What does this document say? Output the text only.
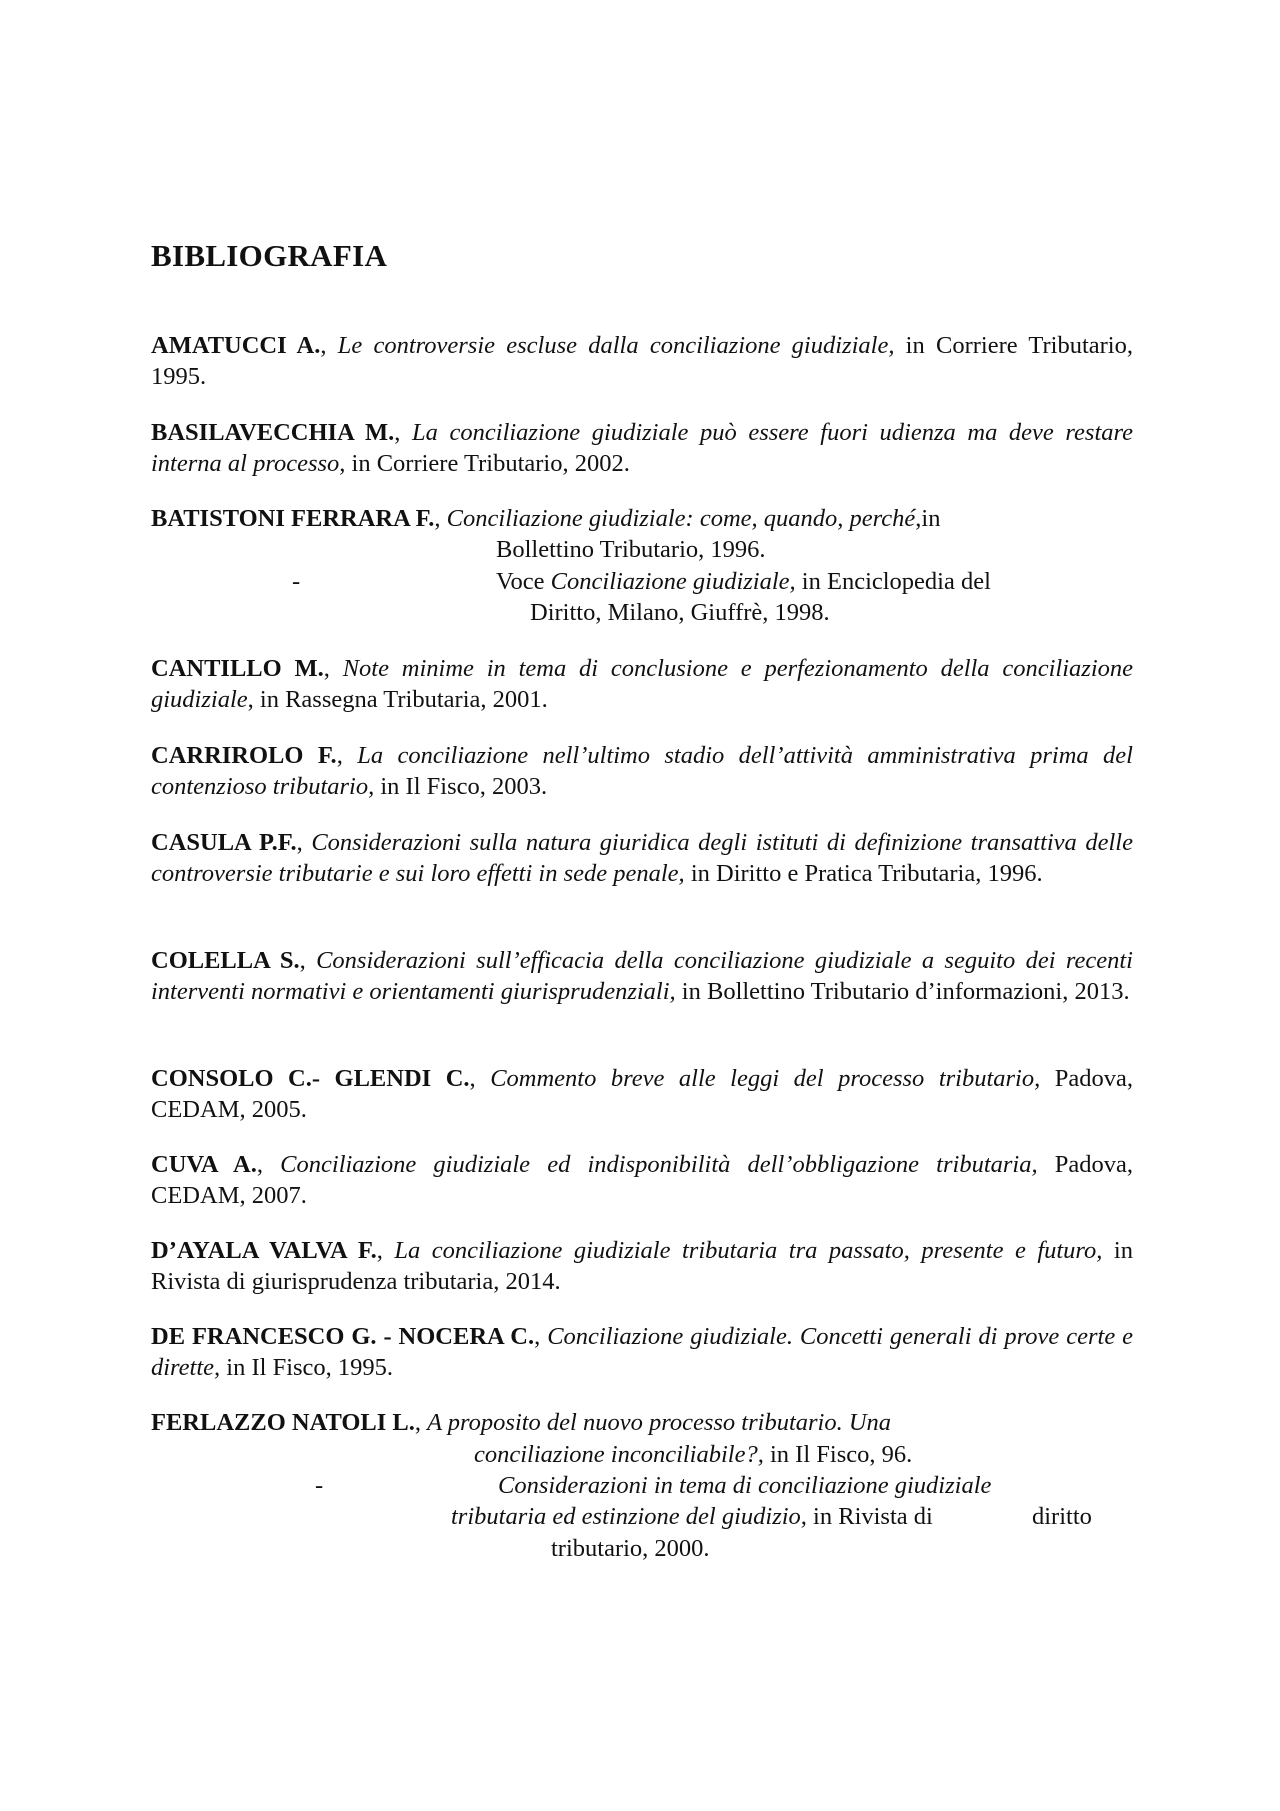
BIBLIOGRAFIA
AMATUCCI A., Le controversie escluse dalla conciliazione giudiziale, in Corriere Tributario, 1995.
BASILAVECCHIA M., La conciliazione giudiziale può essere fuori udienza ma deve restare interna al processo, in Corriere Tributario, 2002.
BATISTONI FERRARA F., Conciliazione giudiziale: come, quando, perché,in
Bollettino Tributario, 1996.
-	Voce Conciliazione giudiziale, in Enciclopedia del
Diritto, Milano, Giuffrè, 1998.
CANTILLO M., Note minime in tema di conclusione e perfezionamento della conciliazione giudiziale, in Rassegna Tributaria, 2001.
CARRIROLO F., La conciliazione nell’ultimo stadio dell’attività amministrativa prima del contenzioso tributario, in Il Fisco, 2003.
CASULA P.F., Considerazioni sulla natura giuridica degli istituti di definizione transattiva delle controversie tributarie e sui loro effetti in sede penale, in Diritto e Pratica Tributaria, 1996.
COLELLA S., Considerazioni sull’efficacia della conciliazione giudiziale a seguito dei recenti interventi normativi e orientamenti giurisprudenziali, in Bollettino Tributario d’informazioni, 2013.
CONSOLO C.- GLENDI C., Commento breve alle leggi del processo tributario, Padova, CEDAM, 2005.
CUVA A., Conciliazione giudiziale ed indisponibilità dell’obbligazione tributaria, Padova, CEDAM, 2007.
D’AYALA VALVA F., La conciliazione giudiziale tributaria tra passato, presente e futuro, in Rivista di giurisprudenza tributaria, 2014.
DE FRANCESCO G. - NOCERA C., Conciliazione giudiziale. Concetti generali di prove certe e dirette, in Il Fisco, 1995.
FERLAZZO NATOLI L., A proposito del nuovo processo tributario. Una
conciliazione inconciliabile?, in Il Fisco, 96.
-	Considerazioni in tema di conciliazione giudiziale
tributaria ed estinzione del giudizio, in Rivista di	diritto
tributario, 2000.
